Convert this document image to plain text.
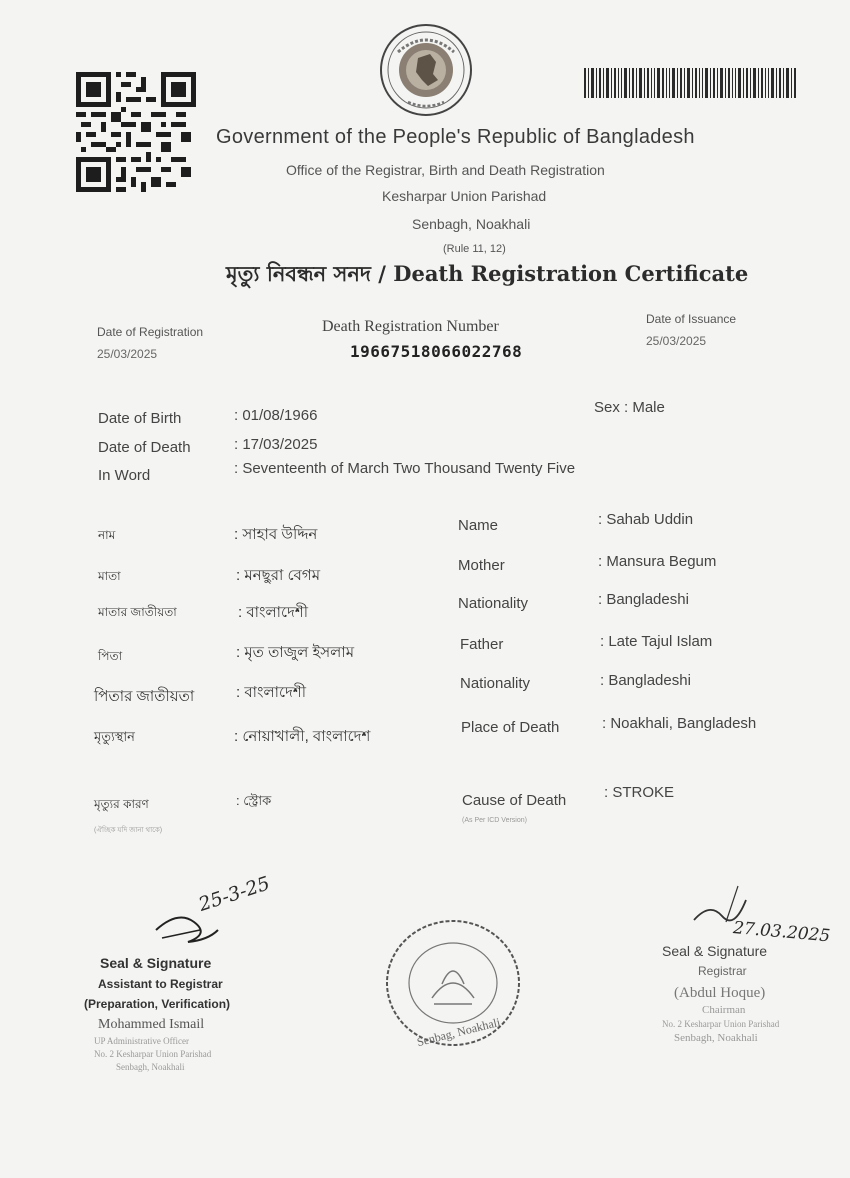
Government of the People's Republic of Bangladesh
Office of the Registrar, Birth and Death Registration
Kesharpar Union Parishad
Senbagh, Noakhali
(Rule 11, 12)
মৃত্যু নিবন্ধন সনদ / Death Registration Certificate
Date of Registration
25/03/2025
Death Registration Number
19667518066022768
Date of Issuance
25/03/2025
Date of Birth	: 01/08/1966
Date of Death	: 17/03/2025
In Word	: Seventeenth of March Two Thousand Twenty Five
Sex : Male
নাম	: সাহাব উদ্দিন
মাতা	: মনছুরা বেগম
মাতার জাতীয়তা	: বাংলাদেশী
পিতা	: মৃত তাজুল ইসলাম
পিতার জাতীয়তা	: বাংলাদেশী
মৃত্যুস্থান	: নোয়াখালী, বাংলাদেশ
মৃত্যুর কারণ	: স্ট্রোক
(ঐচ্ছিক যদি জানা থাকে)
Name	: Sahab Uddin
Mother	: Mansura Begum
Nationality	: Bangladeshi
Father	: Late Tajul Islam
Nationality	: Bangladeshi
Place of Death	: Noakhali, Bangladesh
Cause of Death	: STROKE
(As Per ICD Version)
25-3-25
Seal & Signature
Assistant to Registrar
(Preparation, Verification)
Mohammed Ismail
UP Administrative Officer
No. 2 Kesharpar Union Parishad
Senbagh, Noakhali
Senbag, Noakhali
27.03.2025
Seal & Signature
Registrar
(Abdul Hoque)
Chairman
No. 2 Kesharpar Union Parishad
Senbagh, Noakhali
